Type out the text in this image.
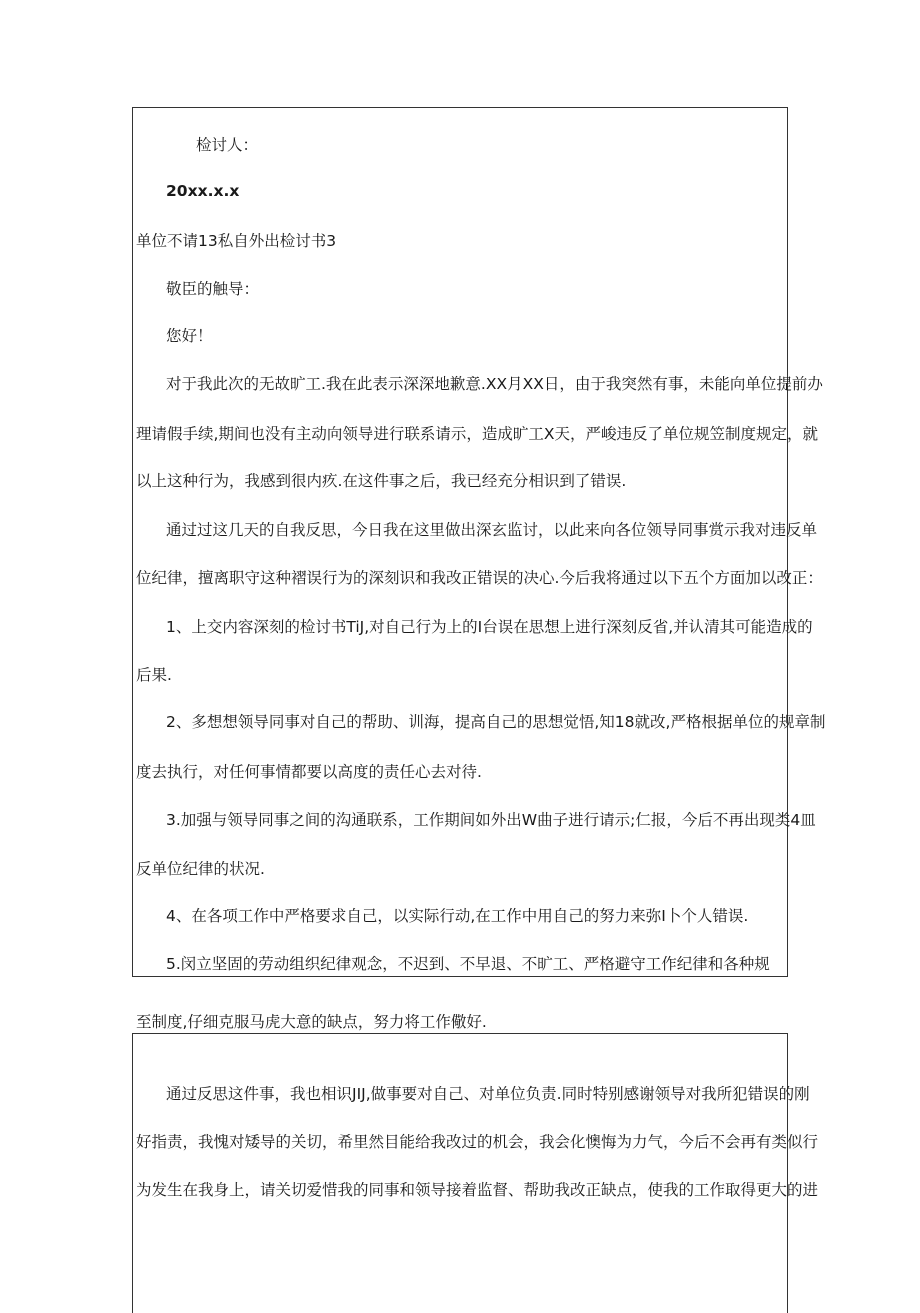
检讨人：
20xx.x.x
单位不请13私自外出检讨书3
敬臣的触导：
您好！
对于我此次的无故旷工.我在此表示深深地歉意.XX月XX日，由于我突然有事，未能向单位提前办
理请假手续,期间也没有主动向领导进行联系请示，造成旷工X天，严峻违反了单位规笠制度规定，就
以上这种行为，我感到很内疚.在这件事之后，我已经充分相识到了错误.
通过过这几天的自我反思，今日我在这里做出深玄监讨，以此来向各位领导同事赏示我对违反单
位纪律，擅离职守这种褶误行为的深刻识和我改正错误的决心.今后我将通过以下五个方面加以改正：
1、上交内容深刻的检讨书TiJ,对自己行为上的I台误在思想上进行深刻反省,并认清其可能造成的
后果.
2、多想想领导同事对自己的帮助、训海，提高自己的思想觉悟,知18就改,严格根据单位的规章制
度去执行，对任何事情都要以高度的责任心去对待.
3.加强与领导同事之间的沟通联系，工作期间如外出W曲子进行请示;仁报，今后不再出现类4皿
反单位纪律的状况.
4、在各项工作中严格要求自己，以实际行动,在工作中用自己的努力来弥I卜个人错误.
5.闵立坚固的劳动组织纪律观念，不迟到、不早退、不旷工、严格避守工作纪律和各种规
至制度,仔细克服马虎大意的缺点，努力将工作儆好.
通过反思这件事，我也相识JIJ,做事要对自己、对单位负责.同时特别感谢领导对我所犯错误的刚
好指责，我愧对矮导的关切，希里然目能给我改过的机会，我会化懊悔为力气，今后不会再有类似行
为发生在我身上，请关切爱惜我的同事和领导接着监督、帮助我改正缺点，使我的工作取得更大的进
